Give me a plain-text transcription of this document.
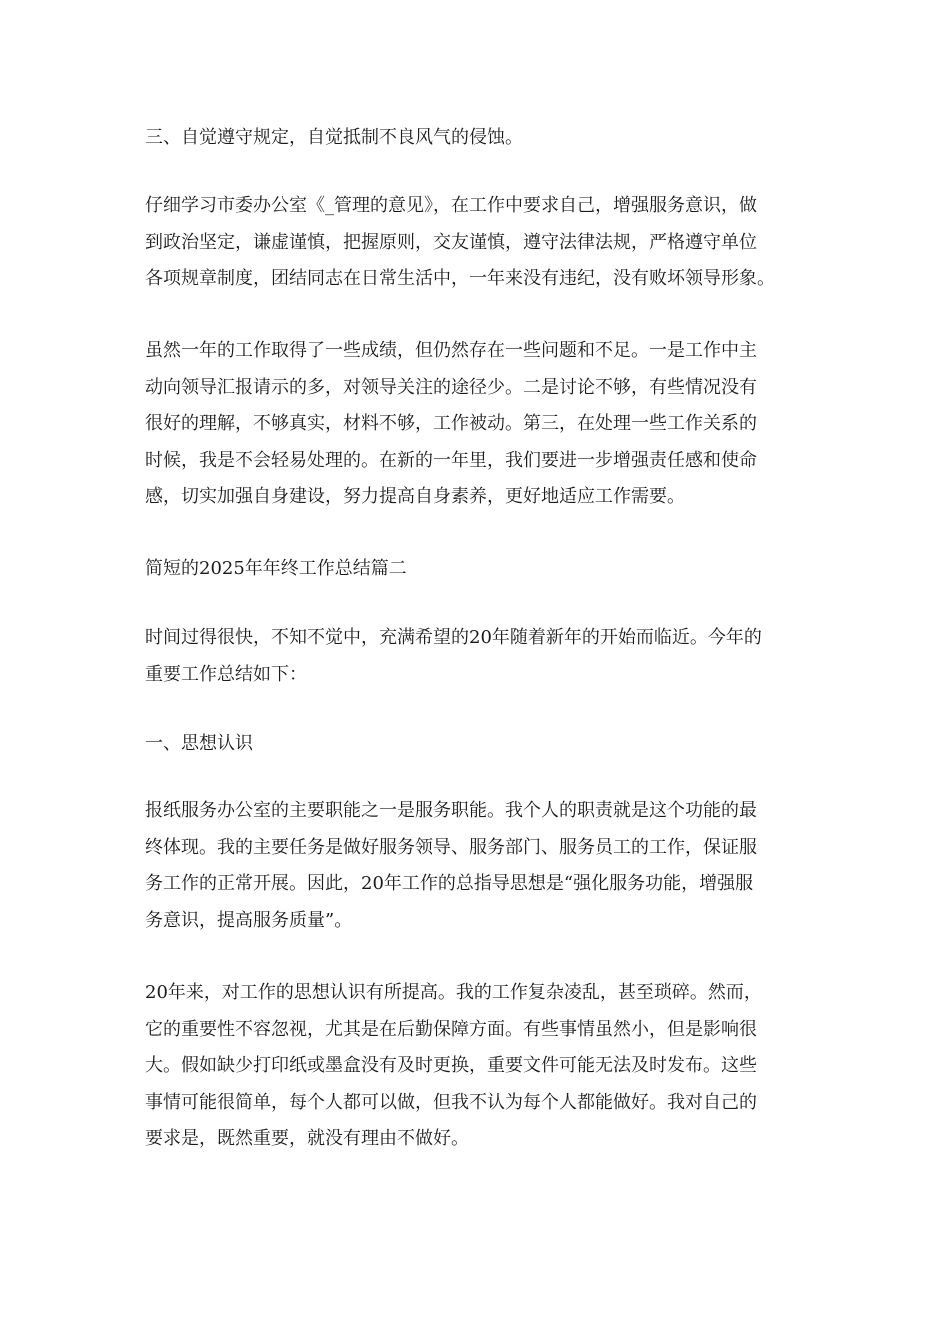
三、自觉遵守规定，自觉抵制不良风气的侵蚀。

仔细学习市委办公室《_管理的意见》，在工作中要求自己，增强服务意识，做
到政治坚定，谦虚谨慎，把握原则，交友谨慎，遵守法律法规，严格遵守单位
各项规章制度，团结同志在日常生活中，一年来没有违纪，没有败坏领导形象。

虽然一年的工作取得了一些成绩，但仍然存在一些问题和不足。一是工作中主
动向领导汇报请示的多，对领导关注的途径少。二是讨论不够，有些情况没有
很好的理解，不够真实，材料不够，工作被动。第三，在处理一些工作关系的
时候，我是不会轻易处理的。在新的一年里，我们要进一步增强责任感和使命
感，切实加强自身建设，努力提高自身素养，更好地适应工作需要。

简短的2025年年终工作总结篇二

时间过得很快，不知不觉中，充满希望的20年随着新年的开始而临近。今年的
重要工作总结如下：

一、思想认识

报纸服务办公室的主要职能之一是服务职能。我个人的职责就是这个功能的最
终体现。我的主要任务是做好服务领导、服务部门、服务员工的工作，保证服
务工作的正常开展。因此，20年工作的总指导思想是“强化服务功能，增强服
务意识，提高服务质量”。

20年来，对工作的思想认识有所提高。我的工作复杂凌乱，甚至琐碎。然而，
它的重要性不容忽视，尤其是在后勤保障方面。有些事情虽然小，但是影响很
大。假如缺少打印纸或墨盒没有及时更换，重要文件可能无法及时发布。这些
事情可能很简单，每个人都可以做，但我不认为每个人都能做好。我对自己的
要求是，既然重要，就没有理由不做好。
